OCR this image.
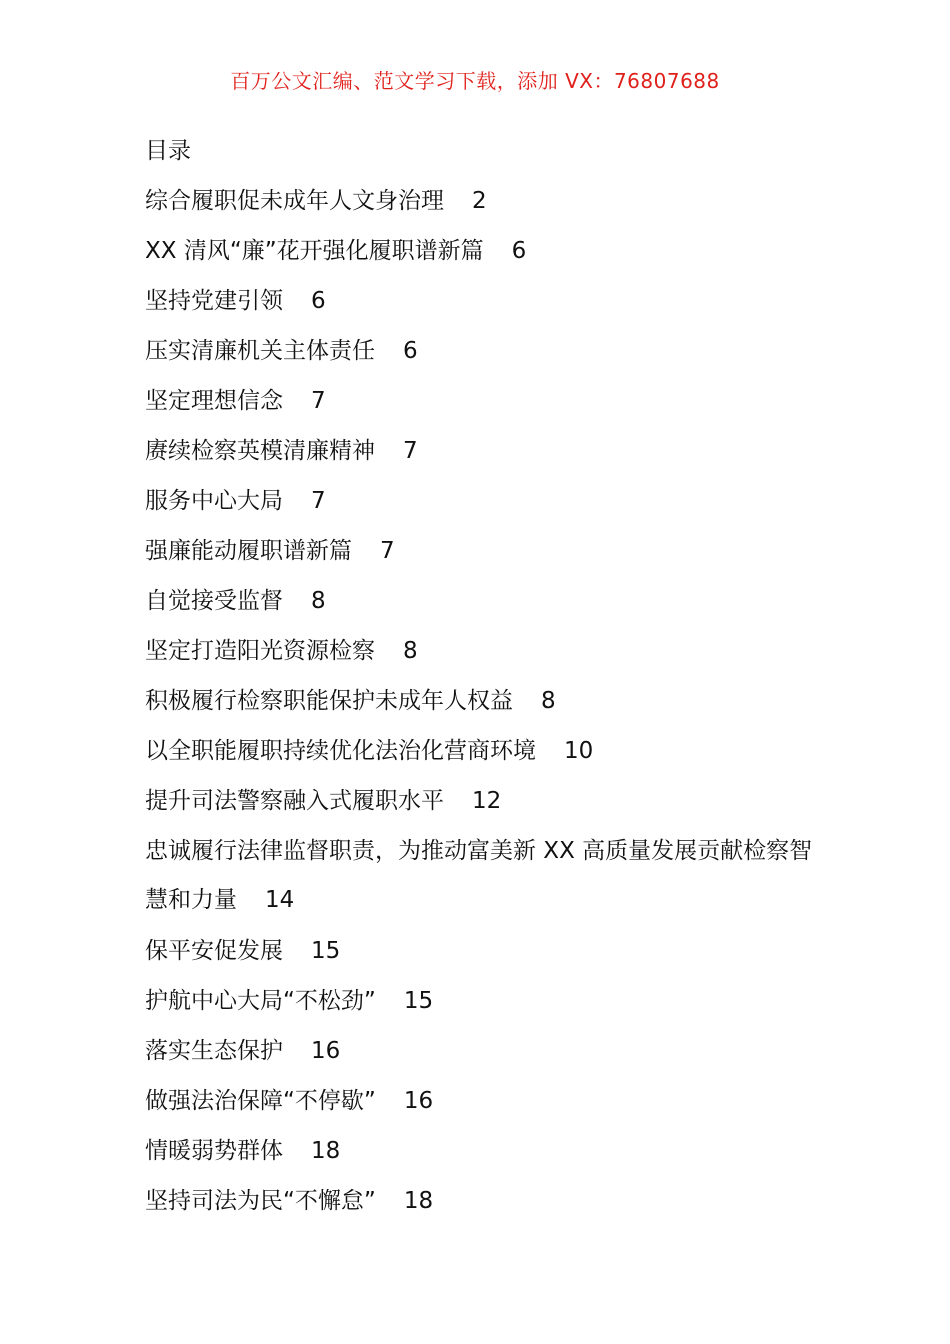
百万公文汇编、范文学习下载，添加 VX：76807688
目录
综合履职促未成年人文身治理 2
XX 清风“廉”花开强化履职谱新篇 6
坚持党建引领 6
压实清廉机关主体责任 6
坚定理想信念 7
赓续检察英模清廉精神 7
服务中心大局 7
强廉能动履职谱新篇 7
自觉接受监督 8
坚定打造阳光资源检察 8
积极履行检察职能保护未成年人权益 8
以全职能履职持续优化法治化营商环境 10
提升司法警察融入式履职水平 12
忠诚履行法律监督职责，为推动富美新 XX 高质量发展贡献检察智慧和力量 14
保平安促发展 15
护航中心大局“不松劲” 15
落实生态保护 16
做强法治保障“不停歇” 16
情暖弱势群体 18
坚持司法为民“不懈怠” 18
